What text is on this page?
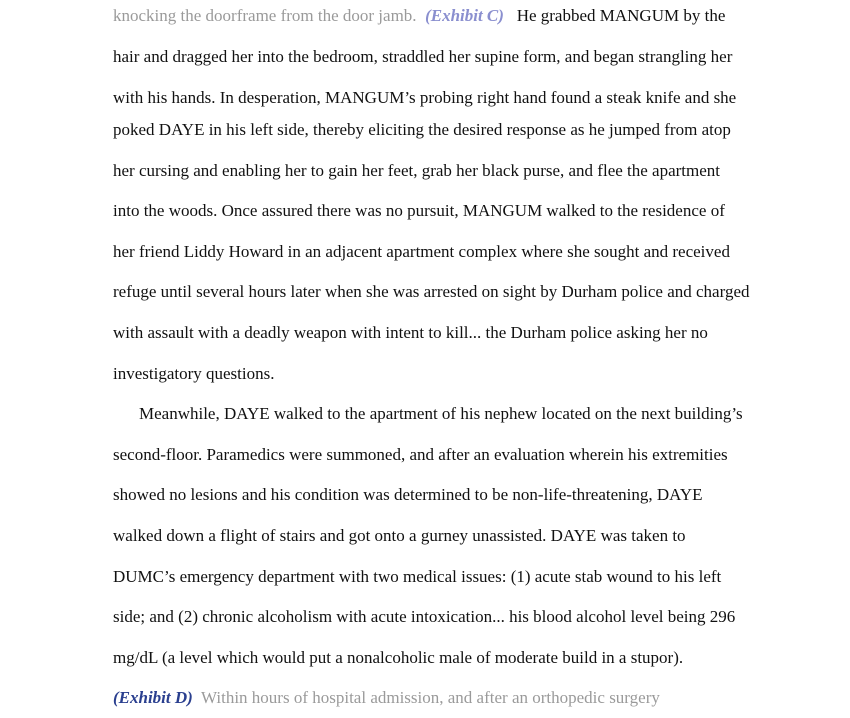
knocking the doorframe from the door jamb. (Exhibit C) He grabbed MANGUM by the
hair and dragged her into the bedroom, straddled her supine form, and began strangling her
with his hands. In desperation, MANGUM’s probing right hand found a steak knife and she
poked DAYE in his left side, thereby eliciting the desired response as he jumped from atop
her cursing and enabling her to gain her feet, grab her black purse, and flee the apartment
into the woods. Once assured there was no pursuit, MANGUM walked to the residence of
her friend Liddy Howard in an adjacent apartment complex where she sought and received
refuge until several hours later when she was arrested on sight by Durham police and charged
with assault with a deadly weapon with intent to kill... the Durham police asking her no
investigatory questions.
Meanwhile, DAYE walked to the apartment of his nephew located on the next building’s
second-floor. Paramedics were summoned, and after an evaluation wherein his extremities
showed no lesions and his condition was determined to be non-life-threatening, DAYE
walked down a flight of stairs and got onto a gurney unassisted. DAYE was taken to
DUMC’s emergency department with two medical issues: (1) acute stab wound to his left
side; and (2) chronic alcoholism with acute intoxication... his blood alcohol level being 296
mg/dL (a level which would put a nonalcoholic male of moderate build in a stupor).
(Exhibit D) Within hours of hospital admission, and after an orthopedic surgery
